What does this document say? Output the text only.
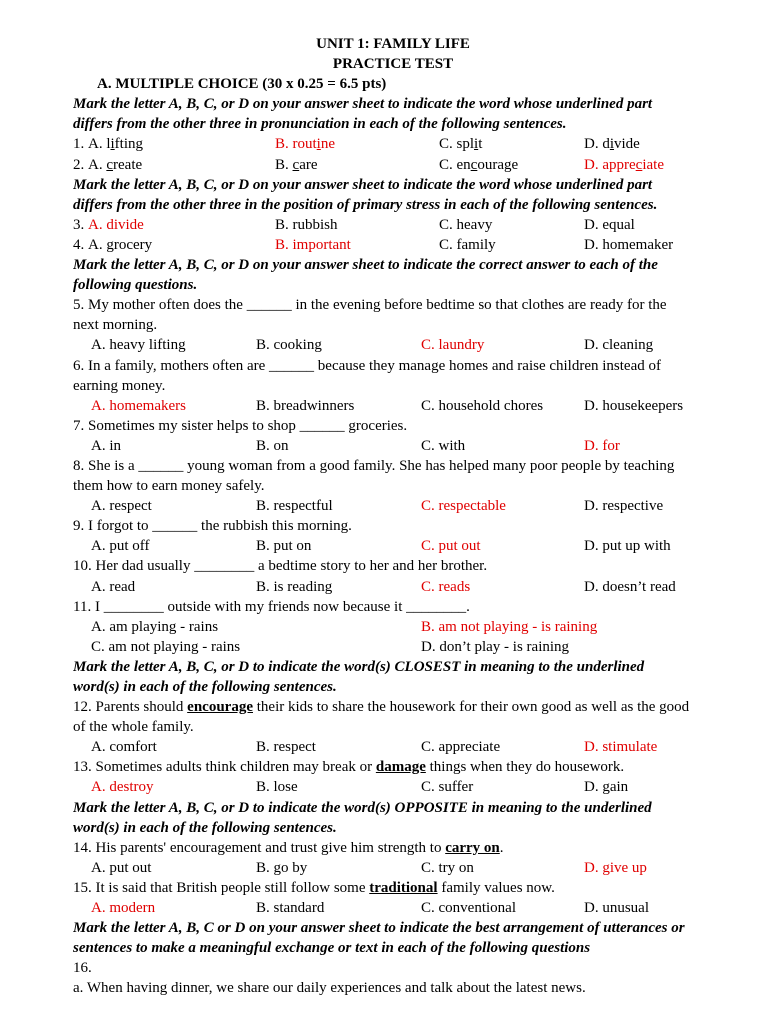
UNIT 1: FAMILY LIFE
PRACTICE TEST
A. MULTIPLE CHOICE (30 x 0.25 = 6.5 pts)
Mark the letter A, B, C, or D on your answer sheet to indicate the word whose underlined part
differs from the other three in pronunciation in each of the following sentences.
1. A. lifting	B. routine	C. split	D. divide
2. A. create	B. care	C. encourage	D. appreciate
Mark the letter A, B, C, or D on your answer sheet to indicate the word whose underlined part
differs from the other three in the position of primary stress in each of the following sentences.
3. A. divide	B. rubbish	C. heavy	D. equal
4. A. grocery	B. important	C. family	D. homemaker
Mark the letter A, B, C, or D on your answer sheet to indicate the correct answer to each of the
following questions.
5. My mother often does the ______ in the evening before bedtime so that clothes are ready for the
next morning.
A. heavy lifting	B. cooking	C. laundry	D. cleaning
6. In a family, mothers often are ______ because they manage homes and raise children instead of
earning money.
A. homemakers	B. breadwinners	C. household chores	D. housekeepers
7. Sometimes my sister helps to shop ______ groceries.
A. in	B. on	C. with	D. for
8. She is a ______ young woman from a good family. She has helped many poor people by teaching
them how to earn money safely.
A. respect	B. respectful	C. respectable	D. respective
9. I forgot to ______ the rubbish this morning.
A. put off	B. put on	C. put out	D. put up with
10. Her dad usually ________ a bedtime story to her and her brother.
A. read	B. is reading	C. reads	D. doesn’t read
11. I ________ outside with my friends now because it ________.
A. am playing - rains	B. am not playing - is raining
C. am not playing - rains	D. don’t play - is raining
Mark the letter A, B, C, or D to indicate the word(s) CLOSEST in meaning to the underlined
word(s) in each of the following sentences.
12. Parents should encourage their kids to share the housework for their own good as well as the good
of the whole family.
A. comfort	B. respect	C. appreciate	D. stimulate
13. Sometimes adults think children may break or damage things when they do housework.
A. destroy	B. lose	C. suffer	D. gain
Mark the letter A, B, C, or D to indicate the word(s) OPPOSITE in meaning to the underlined
word(s) in each of the following sentences.
14. His parents' encouragement and trust give him strength to carry on.
A. put out	B. go by	C. try on	D. give up
15. It is said that British people still follow some traditional family values now.
A. modern	B. standard	C. conventional	D. unusual
Mark the letter A, B, C or D on your answer sheet to indicate the best arrangement of utterances or
sentences to make a meaningful exchange or text in each of the following questions
16.
a. When having dinner, we share our daily experiences and talk about the latest news.
